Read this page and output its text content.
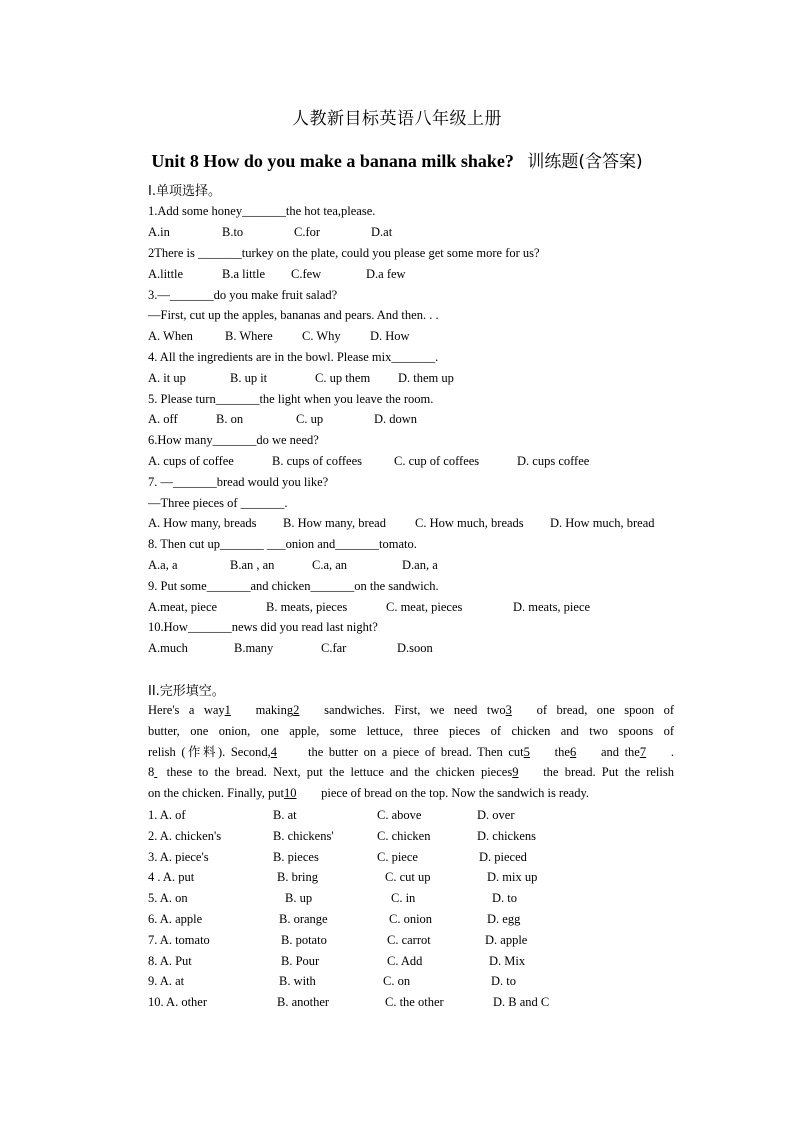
人教新目标英语八年级上册
Unit 8 How do you make a banana milk shake? 训练题(含答案)
I.单项选择。
1.Add some honey_______the hot tea,please.
A.in	B.to	C.for	D.at
2There is _______turkey on the plate, could you please get some more for us?
A.little	B.a little C.few	D.a few
3.—_______do you make fruit salad?
—First, cut up the apples, bananas and pears. And then. . .
A. When	B. Where C. Why D. How
4. All the ingredients are in the bowl. Please mix_______.
A. it up	B. up it	C. up them D. them up
5. Please turn_______the light when you leave the room.
A. off	B. on	C. up	D. down
6.How many_______do we need?
A. cups of coffee	B. cups of coffees	C. cup of coffees	D. cups coffee
7. —_______bread would you like?
—Three pieces of _______.
A. How many, breads B. How many, bread C. How much, breads D. How much, bread
8. Then cut up_______ ___onion and_______tomato.
A.a, a	B.an , an	C.a, an	D.an, a
9. Put some_______and chicken_______on the sandwich.
A.meat, piece	B. meats, pieces	C. meat, pieces	D. meats, piece
10.How_______news did you read last night?
A.much	B.many	C.far	D.soon
II.完形填空。
Here's a way1 making2 sandwiches. First, we need two3 of bread, one spoon of
butter, one onion, one apple, some lettuce, three pieces of chicken and two spoons of
relish (作料). Second,4 the butter on a piece of bread. Then cut5 the6 and the7 .
8 these to the bread. Next, put the lettuce and the chicken pieces9 the bread. Put the relish
on the chicken. Finally, put10 piece of bread on the top. Now the sandwich is ready.
1. A. of	B. at	C. above	D. over
2. A. chicken's	B. chickens'	C. chicken	D. chickens
3. A. piece's	B. pieces	C. piece	D. pieced
4 . A. put	B. bring	C. cut up	D. mix up
5. A. on	B. up	C. in	D. to
6. A. apple	B. orange	C. onion	D. egg
7. A. tomato	B. potato	C. carrot	D. apple
8. A. Put	B. Pour	C. Add	D. Mix
9. A. at	B. with	C. on	D. to
10. A. other	B. another	C. the other	D. B and C
